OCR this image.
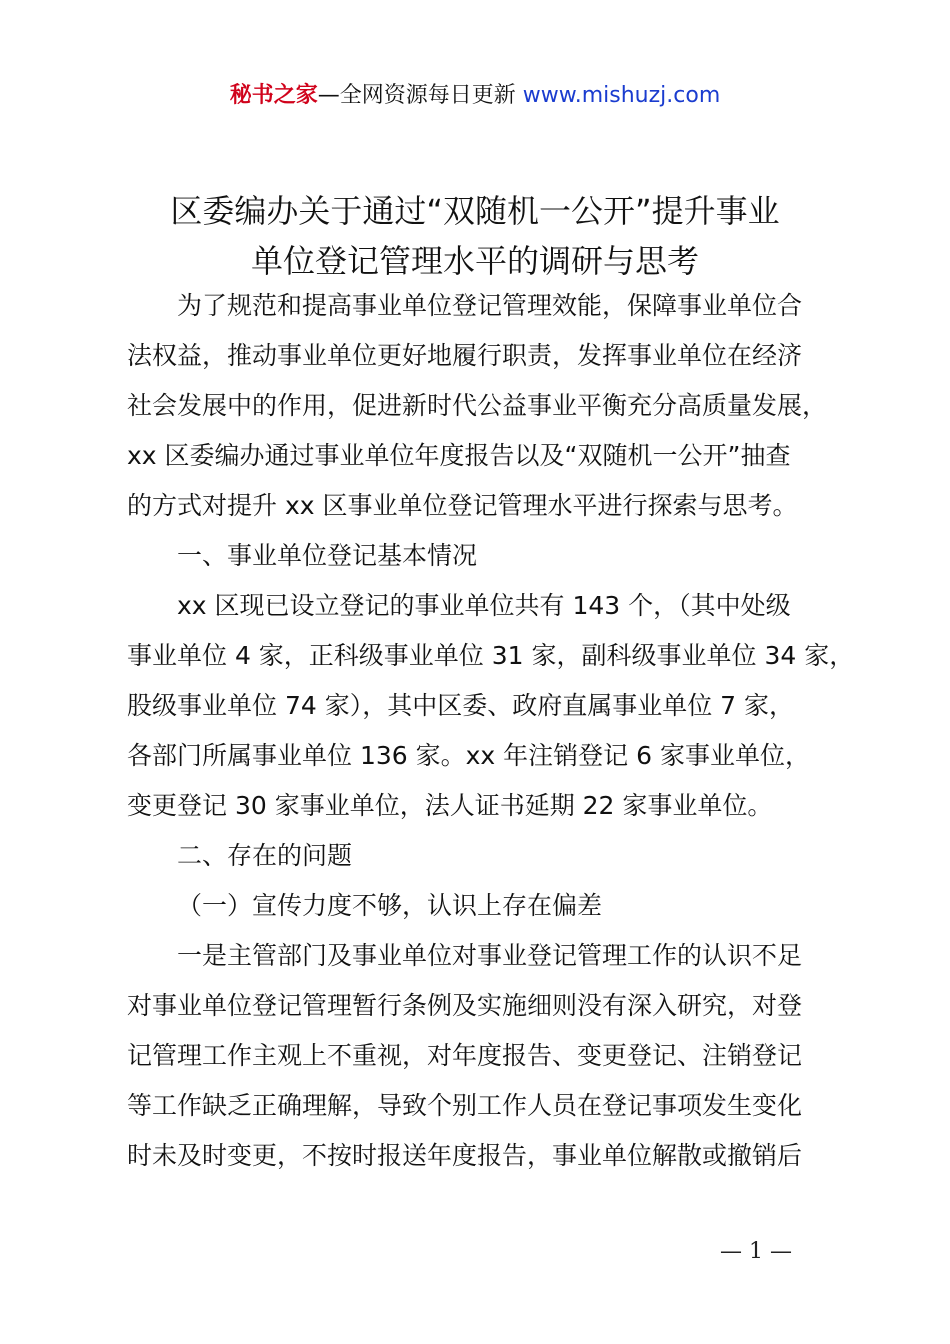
秘书之家—全网资源每日更新 www.mishuzj.com
区委编办关于通过“双随机一公开”提升事业
单位登记管理水平的调研与思考
为了规范和提高事业单位登记管理效能，保障事业单位合
法权益，推动事业单位更好地履行职责，发挥事业单位在经济
社会发展中的作用，促进新时代公益事业平衡充分高质量发展，
xx 区委编办通过事业单位年度报告以及“双随机一公开”抽查
的方式对提升 xx 区事业单位登记管理水平进行探索与思考。
一、事业单位登记基本情况
xx 区现已设立登记的事业单位共有 143 个，（其中处级
事业单位 4 家，正科级事业单位 31 家，副科级事业单位 34 家，
股级事业单位 74 家），其中区委、政府直属事业单位 7 家，
各部门所属事业单位 136 家。xx 年注销登记 6 家事业单位，
变更登记 30 家事业单位，法人证书延期 22 家事业单位。
二、存在的问题
（一）宣传力度不够，认识上存在偏差
一是主管部门及事业单位对事业登记管理工作的认识不足
对事业单位登记管理暂行条例及实施细则没有深入研究，对登
记管理工作主观上不重视，对年度报告、变更登记、注销登记
等工作缺乏正确理解，导致个别工作人员在登记事项发生变化
时未及时变更，不按时报送年度报告，事业单位解散或撤销后
— 1 —
